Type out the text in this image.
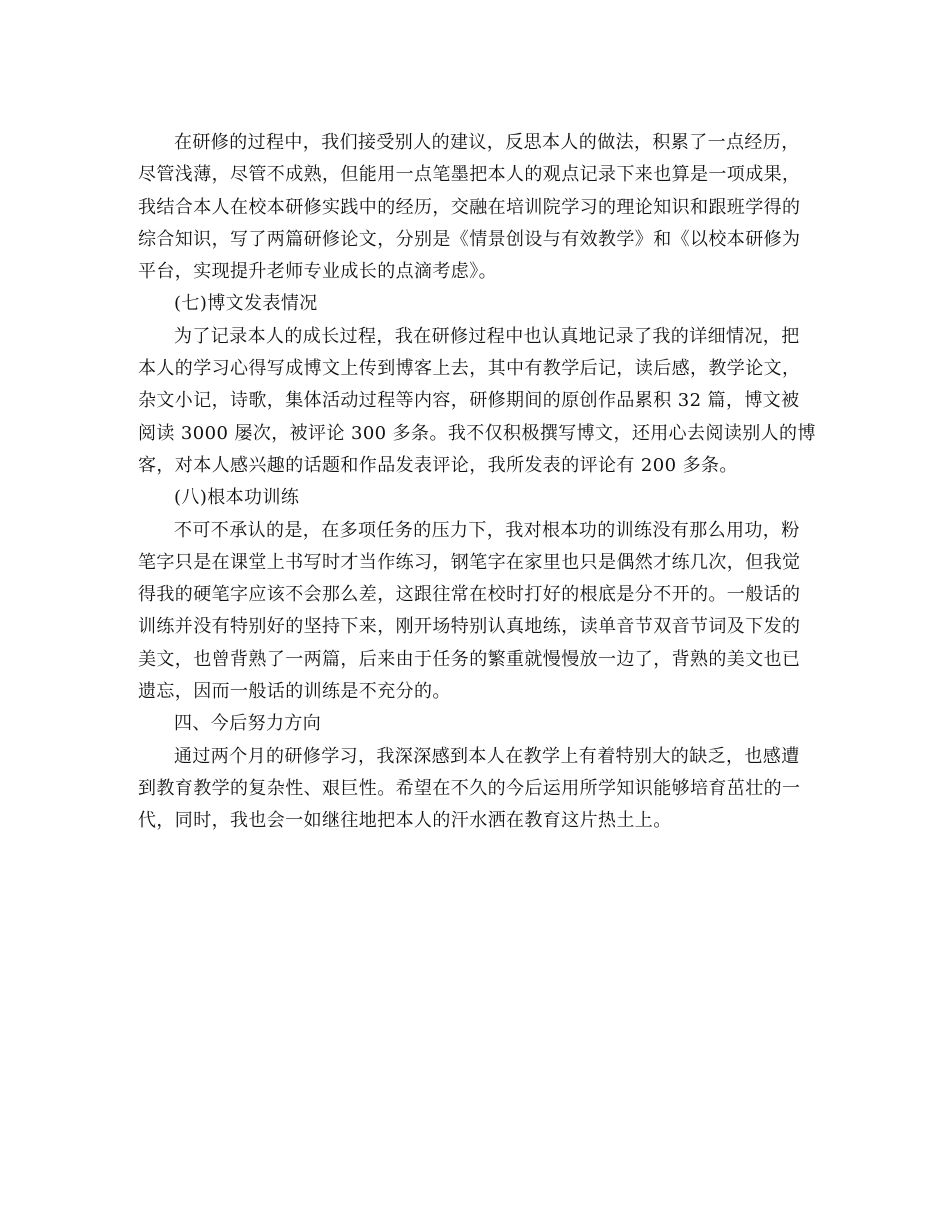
在研修的过程中，我们接受别人的建议，反思本人的做法，积累了一点经历，
尽管浅薄，尽管不成熟，但能用一点笔墨把本人的观点记录下来也算是一项成果，
我结合本人在校本研修实践中的经历，交融在培训院学习的理论知识和跟班学得的
综合知识，写了两篇研修论文，分别是《情景创设与有效教学》和《以校本研修为
平台，实现提升老师专业成长的点滴考虑》。
(七)博文发表情况
为了记录本人的成长过程，我在研修过程中也认真地记录了我的详细情况，把
本人的学习心得写成博文上传到博客上去，其中有教学后记，读后感，教学论文，
杂文小记，诗歌，集体活动过程等内容，研修期间的原创作品累积 32 篇，博文被
阅读 3000 屡次，被评论 300 多条。我不仅积极撰写博文，还用心去阅读别人的博
客，对本人感兴趣的话题和作品发表评论，我所发表的评论有 200 多条。
(八)根本功训练
不可不承认的是，在多项任务的压力下，我对根本功的训练没有那么用功，粉
笔字只是在课堂上书写时才当作练习，钢笔字在家里也只是偶然才练几次，但我觉
得我的硬笔字应该不会那么差，这跟往常在校时打好的根底是分不开的。一般话的
训练并没有特别好的坚持下来，刚开场特别认真地练，读单音节双音节词及下发的
美文，也曾背熟了一两篇，后来由于任务的繁重就慢慢放一边了，背熟的美文也已
遗忘，因而一般话的训练是不充分的。
四、今后努力方向
通过两个月的研修学习，我深深感到本人在教学上有着特别大的缺乏，也感遭
到教育教学的复杂性、艰巨性。希望在不久的今后运用所学知识能够培育茁壮的一
代，同时，我也会一如继往地把本人的汗水洒在教育这片热土上。
